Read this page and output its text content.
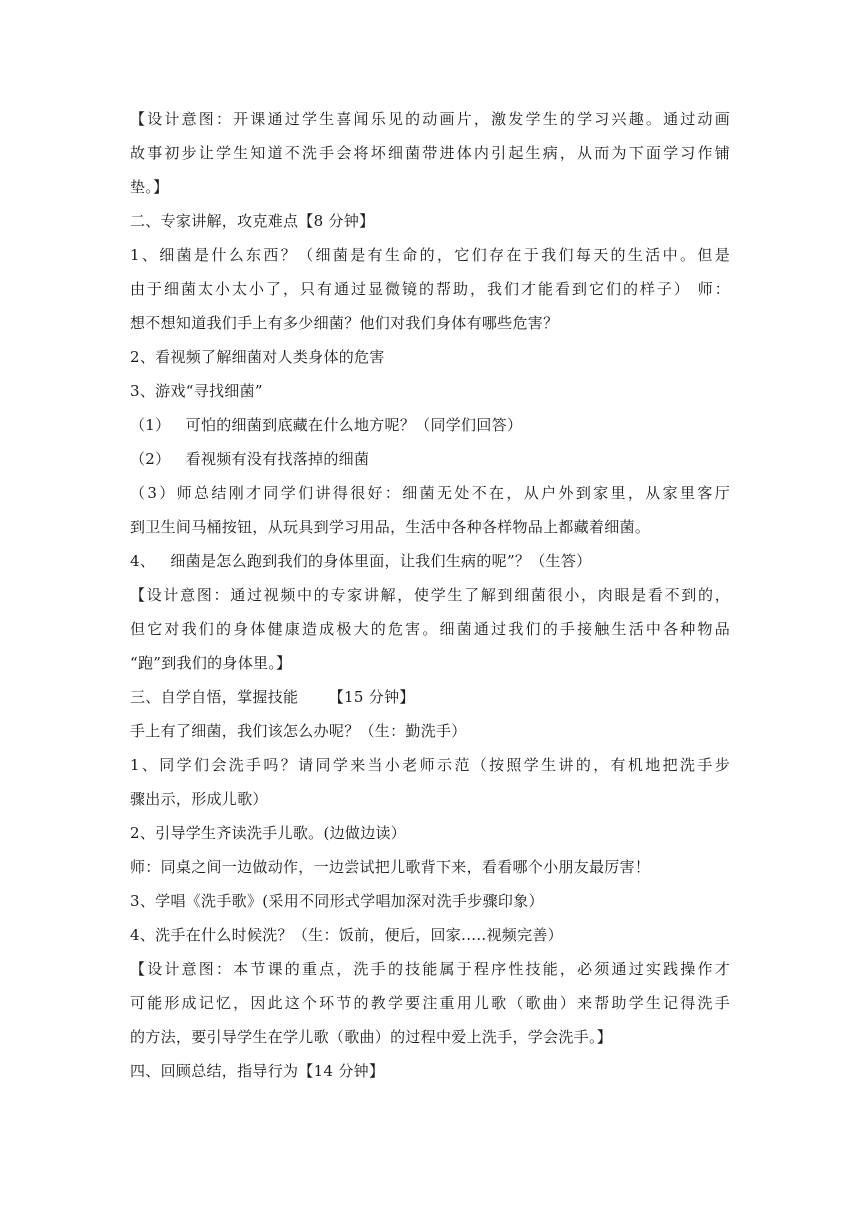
【设计意图：开课通过学生喜闻乐见的动画片，激发学生的学习兴趣。通过动画
故事初步让学生知道不洗手会将坏细菌带进体内引起生病，从而为下面学习作铺
垫。】
二、专家讲解，攻克难点【8 分钟】
1、细菌是什么东西？（细菌是有生命的，它们存在于我们每天的生活中。但是
由于细菌太小太小了，只有通过显微镜的帮助，我们才能看到它们的样子） 师：
想不想知道我们手上有多少细菌？他们对我们身体有哪些危害？
2、看视频了解细菌对人类身体的危害
3、游戏“寻找细菌”
（1）   可怕的细菌到底藏在什么地方呢？（同学们回答）
（2）   看视频有没有找落掉的细菌
（3）师总结刚才同学们讲得很好：细菌无处不在，从户外到家里，从家里客厅
到卫生间马桶按钮，从玩具到学习用品，生活中各种各样物品上都藏着细菌。
4、   细菌是怎么跑到我们的身体里面，让我们生病的呢”？（生答）
【设计意图：通过视频中的专家讲解，使学生了解到细菌很小，肉眼是看不到的，
但它对我们的身体健康造成极大的危害。细菌通过我们的手接触生活中各种物品
“跑”到我们的身体里。】
三、自学自悟，掌握技能      【15 分钟】
手上有了细菌，我们该怎么办呢？（生：勤洗手）
1、同学们会洗手吗？请同学来当小老师示范（按照学生讲的，有机地把洗手步
骤出示，形成儿歌）
2、引导学生齐读洗手儿歌。(边做边读）
师：同桌之间一边做动作，一边尝试把儿歌背下来，看看哪个小朋友最厉害！
3、学唱《洗手歌》(采用不同形式学唱加深对洗手步骤印象）
4、洗手在什么时候洗？（生：饭前，便后，回家.....视频完善）
【设计意图：本节课的重点，洗手的技能属于程序性技能，必须通过实践操作才
可能形成记忆，因此这个环节的教学要注重用儿歌（歌曲）来帮助学生记得洗手
的方法，要引导学生在学儿歌（歌曲）的过程中爱上洗手，学会洗手。】
四、回顾总结，指导行为【14 分钟】
